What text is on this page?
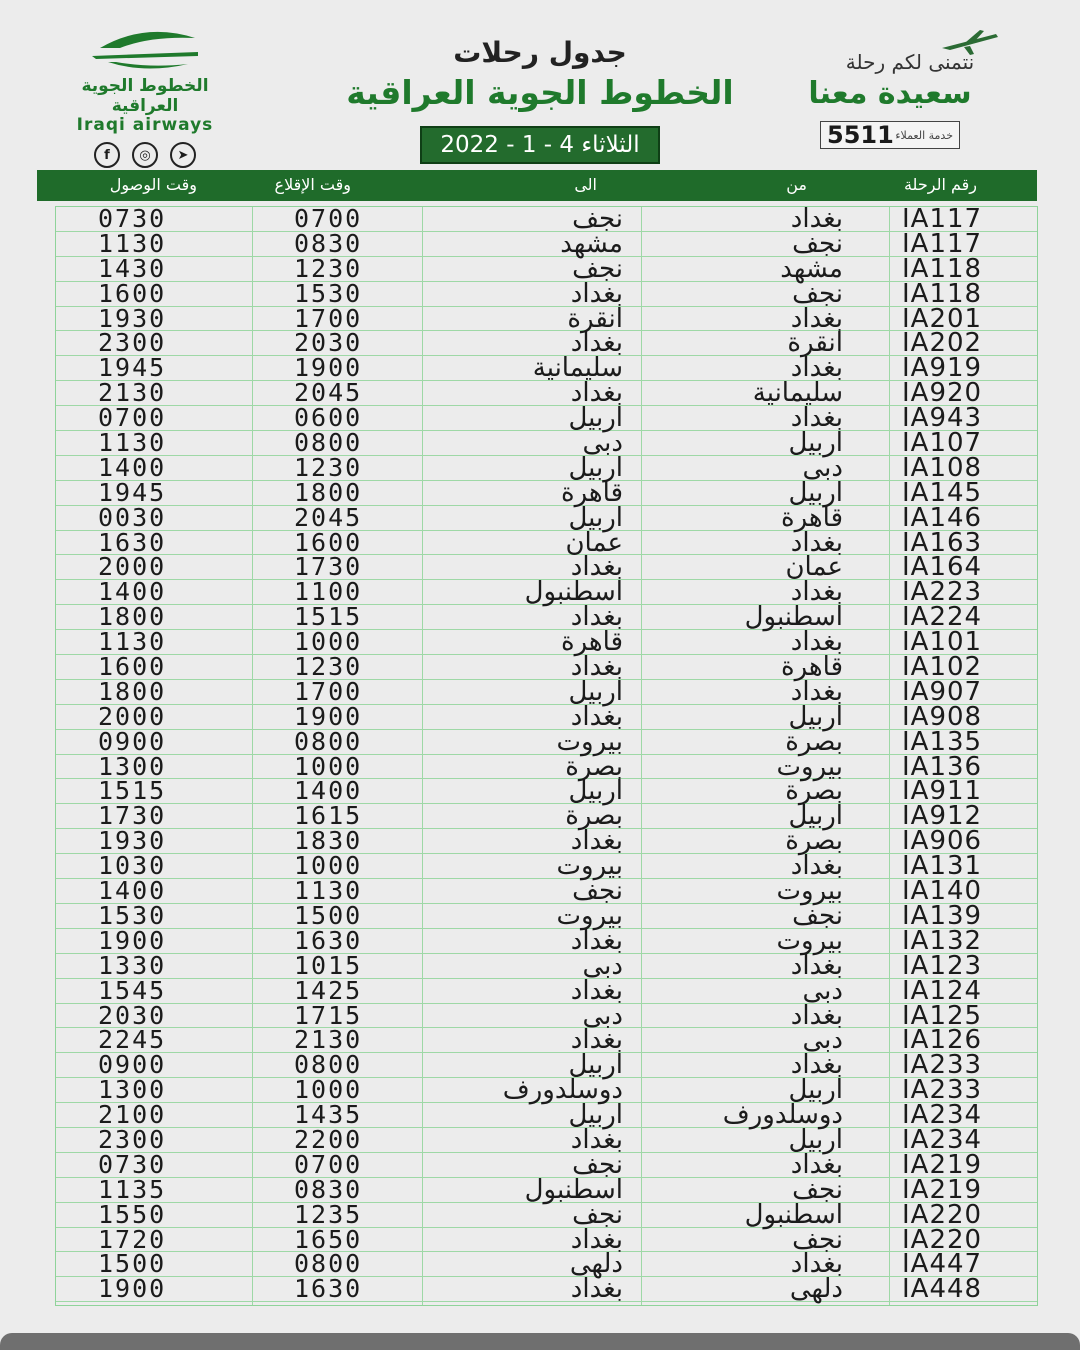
الخطوط الجوية العراقية
Iraqi airways
f	◎	➤
جدول رحلات
الخطوط الجوية العراقية
الثلاثاء 4 - 1 - 2022
نتمنى لكم رحلة
سعيدة معنا
خدمة العملاء
5511
رقم الرحلة
من
الى
وقت الإقلاع
وقت الوصول
0730	0700	نجف	بغداد IA117
1130	0830	مشهد	نجف IA117
1430	1230	نجف	مشهد IA118
1600	1530	بغداد	نجف IA118
1930	1700	انقرة	بغداد IA201
2300	2030	بغداد	انقرة IA202
1945	1900	سليمانية	بغداد IA919
2130	2045	بغداد	سليمانية IA920
0700	0600	اربيل	بغداد IA943
1130	0800	دبى	اربيل IA107
1400	1230	اربيل	دبى IA108
1945	1800	قاهرة	اربيل IA145
0030	2045	اربيل	قاهرة IA146
1630	1600	عمان	بغداد IA163
2000	1730	بغداد	عمان IA164
1400	1100	اسطنبول	بغداد IA223
1800	1515	بغداد	اسطنبول IA224
1130	1000	قاهرة	بغداد IA101
1600	1230	بغداد	قاهرة IA102
1800	1700	اربيل	بغداد IA907
2000	1900	بغداد	اربيل IA908
0900	0800	بيروت	بصرة IA135
1300	1000	بصرة	بيروت IA136
1515	1400	اربيل	بصرة IA911
1730	1615	بصرة	اربيل IA912
1930	1830	بغداد	بصرة IA906
1030	1000	بيروت	بغداد IA131
1400	1130	نجف	بيروت IA140
1530	1500	بيروت	نجف IA139
1900	1630	بغداد	بيروت IA132
1330	1015	دبى	بغداد IA123
1545	1425	بغداد	دبى IA124
2030	1715	دبى	بغداد IA125
2245	2130	بغداد	دبى IA126
0900	0800	اربيل	بغداد IA233
1300	1000	دوسلدورف	اربيل IA233
2100	1435	اربيل	دوسلدورف IA234
2300	2200	بغداد	اربيل IA234
0730	0700	نجف	بغداد IA219
1135	0830	اسطنبول	نجف IA219
1550	1235	نجف	اسطنبول IA220
1720	1650	بغداد	نجف IA220
1500	0800	دلهى	بغداد IA447
1900	1630	بغداد	دلهى IA448
